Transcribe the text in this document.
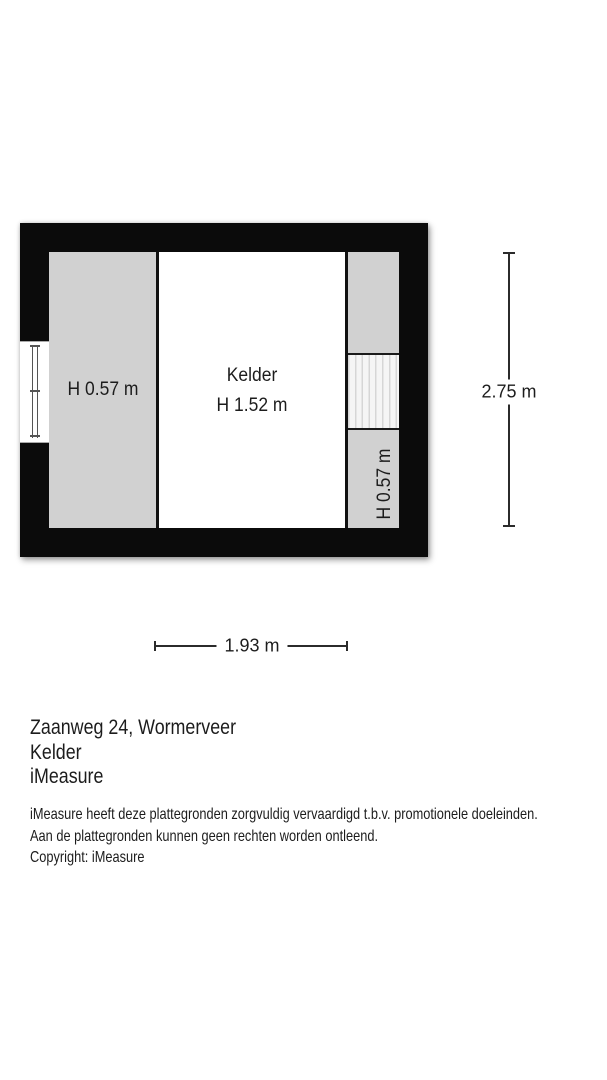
H 0.57 m
Kelder
H 1.52 m
H 0.57 m
2.75 m
1.93 m
Zaanweg 24, Wormerveer
Kelder
iMeasure
iMeasure heeft deze plattegronden zorgvuldig vervaardigd t.b.v. promotionele doeleinden.
Aan de plattegronden kunnen geen rechten worden ontleend.
Copyright: iMeasure
